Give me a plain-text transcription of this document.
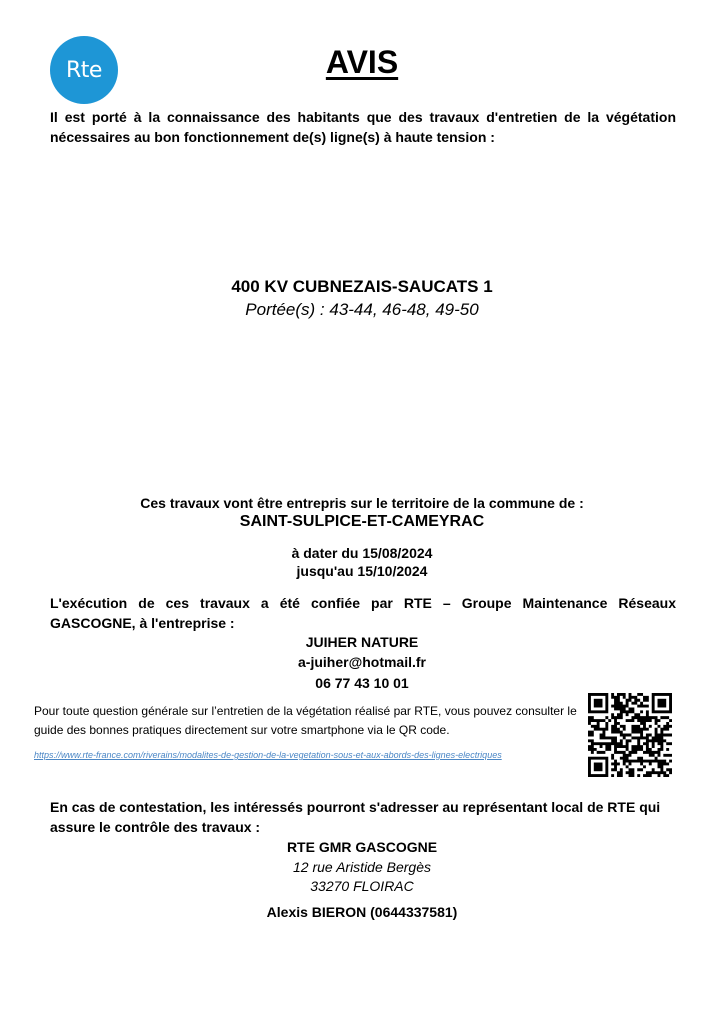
Rte	AVIS
Il est porté à la connaissance des habitants que des travaux d'entretien de la végétation nécessaires au bon fonctionnement de(s) ligne(s) à haute tension :
400 KV CUBNEZAIS-SAUCATS 1
Portée(s) : 43-44, 46-48, 49-50
Ces travaux vont être entrepris sur le territoire de la commune de :
SAINT-SULPICE-ET-CAMEYRAC
à dater du 15/08/2024
jusqu'au 15/10/2024
L'exécution de ces travaux a été confiée par RTE – Groupe Maintenance Réseaux GASCOGNE, à l'entreprise :
JUIHER NATURE
a-juiher@hotmail.fr
06 77 43 10 01
Pour toute question générale sur l’entretien de la végétation réalisé par RTE, vous pouvez consulter le guide des bonnes pratiques directement sur votre smartphone via le QR code.
https://www.rte-france.com/riverains/modalites-de-gestion-de-la-vegetation-sous-et-aux-abords-des-lignes-electriques
En cas de contestation, les intéressés pourront s'adresser au représentant local de RTE qui assure le contrôle des travaux :
RTE GMR GASCOGNE
12 rue Aristide Bergès
33270 FLOIRAC
Alexis BIERON (0644337581)
